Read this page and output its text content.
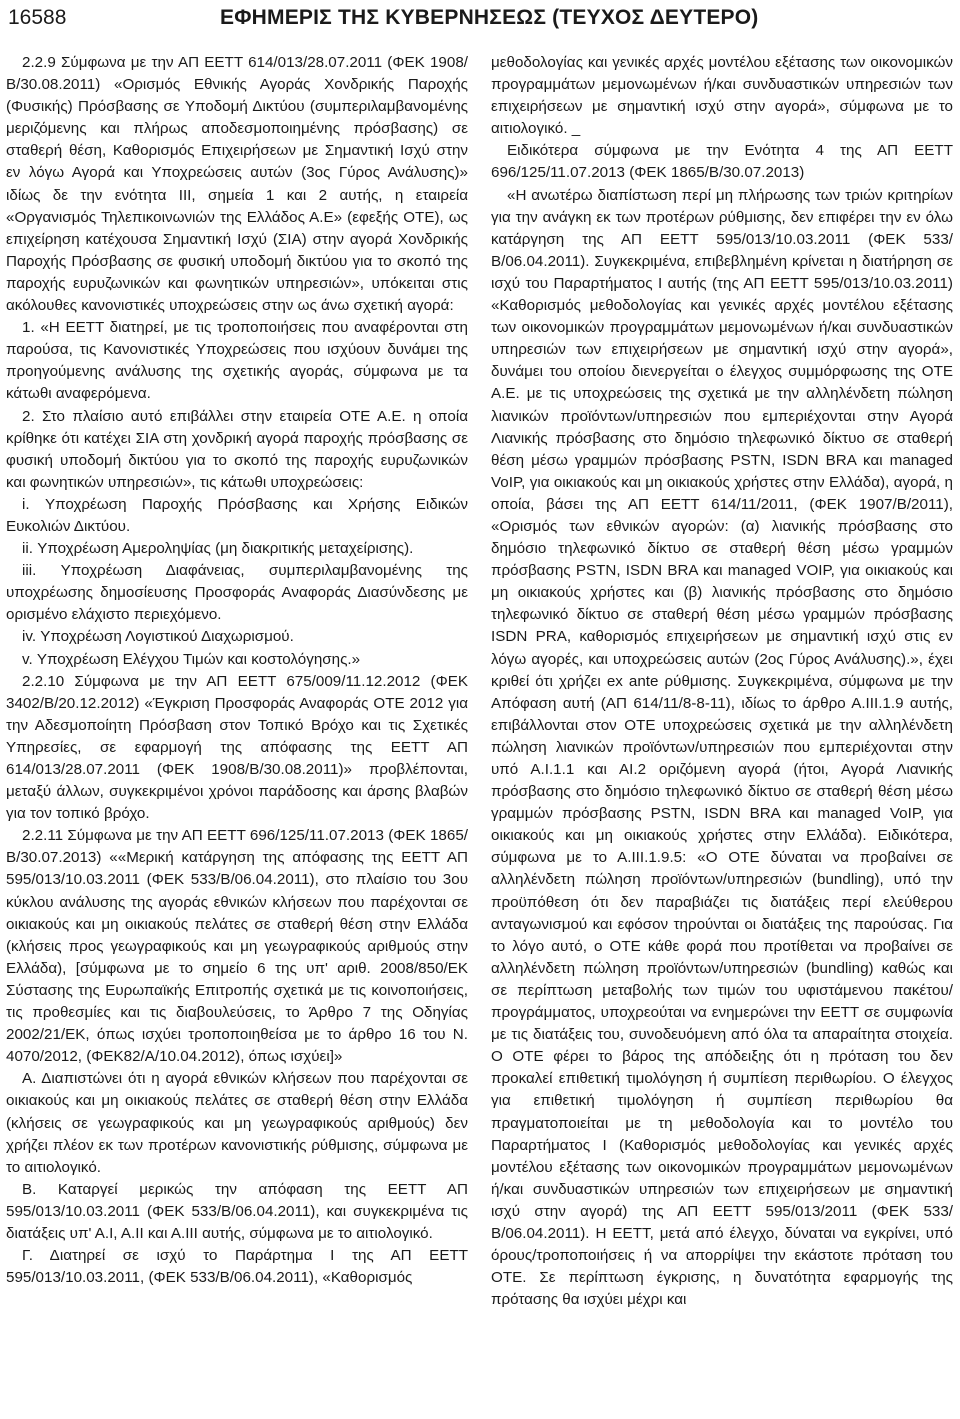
16588	ΕΦΗΜΕΡΙΣ ΤΗΣ ΚΥΒΕΡΝΗΣΕΩΣ (ΤΕΥΧΟΣ ΔΕΥΤΕΡΟ)

2.2.9 Σύμφωνα με την ΑΠ ΕΕΤΤ 614/013/28.07.2011 (ΦΕΚ 1908/Β/30.08.2011) «Ορισμός Εθνικής Αγοράς Χονδρικής Παροχής (Φυσικής) Πρόσβασης σε Υποδομή Δικτύου (συμπεριλαμβανομένης μεριζόμενης και πλήρως αποδεσμοποιημένης πρόσβασης) σε σταθερή θέση, Καθορισμός Επιχειρήσεων με Σημαντική Ισχύ στην εν λόγω Αγορά και Υποχρεώσεις αυτών (3ος Γύρος Ανάλυσης)» ιδίως δε την ενότητα ΙΙΙ, σημεία 1 και 2 αυτής, η εταιρεία «Οργανισμός Τηλεπικοινωνιών της Ελλάδος Α.Ε» (εφεξής ΟΤΕ), ως επιχείρηση κατέχουσα Σημαντική Ισχύ (ΣΙΑ) στην αγορά Χονδρικής Παροχής Πρόσβασης σε φυσική υποδομή δικτύου για το σκοπό της παροχής ευρυζωνικών και φωνητικών υπηρεσιών», υπόκειται στις ακόλουθες κανονιστικές υποχρεώσεις στην ως άνω σχετική αγορά:

1. «Η ΕΕΤΤ διατηρεί, με τις τροποποιήσεις που αναφέρονται στη παρούσα, τις Κανονιστικές Υποχρεώσεις που ισχύουν δυνάμει της προηγούμενης ανάλυσης της σχετικής αγοράς, σύμφωνα με τα κάτωθι αναφερόμενα.

2. Στο πλαίσιο αυτό επιβάλλει στην εταιρεία ΟΤΕ Α.Ε. η οποία κρίθηκε ότι κατέχει ΣΙΑ στη χονδρική αγορά παροχής πρόσβασης σε φυσική υποδομή δικτύου για το σκοπό της παροχής ευρυζωνικών και φωνητικών υπηρεσιών», τις κάτωθι υποχρεώσεις:

i. Υποχρέωση Παροχής Πρόσβασης και Χρήσης Ειδικών Ευκολιών Δικτύου.

ii. Υποχρέωση Αμεροληψίας (μη διακριτικής μεταχείρισης).

iii. Υποχρέωση Διαφάνειας, συμπεριλαμβανομένης της υποχρέωσης δημοσίευσης Προσφοράς Αναφοράς Διασύνδεσης με ορισμένο ελάχιστο περιεχόμενο.

iv. Υποχρέωση Λογιστικού Διαχωρισμού.

v. Υποχρέωση Ελέγχου Τιμών και κοστολόγησης.»

2.2.10 Σύμφωνα με την ΑΠ ΕΕΤΤ 675/009/11.12.2012 (ΦΕΚ 3402/Β/20.12.2012) «Έγκριση Προσφοράς Αναφοράς ΟΤΕ 2012 για την Αδεσμοποίητη Πρόσβαση στον Τοπικό Βρόχο και τις Σχετικές Υπηρεσίες, σε εφαρμογή της απόφασης της ΕΕΤΤ ΑΠ 614/013/28.07.2011 (ΦΕΚ 1908/Β/30.08.2011)» προβλέπονται, μεταξύ άλλων, συγκεκριμένοι χρόνοι παράδοσης και άρσης βλαβών για τον τοπικό βρόχο.

2.2.11 Σύμφωνα με την ΑΠ ΕΕΤΤ 696/125/11.07.2013 (ΦΕΚ 1865/Β/30.07.2013) ««Μερική κατάργηση της απόφασης της ΕΕΤΤ ΑΠ 595/013/10.03.2011 (ΦΕΚ 533/Β/06.04.2011), στο πλαίσιο του 3ου κύκλου ανάλυσης της αγοράς εθνικών κλήσεων που παρέχονται σε οικιακούς και μη οικιακούς πελάτες σε σταθερή θέση στην Ελλάδα (κλήσεις προς γεωγραφικούς και μη γεωγραφικούς αριθμούς στην Ελλάδα), [σύμφωνα με το σημείο 6 της υπ' αριθ. 2008/850/ΕΚ Σύστασης της Ευρωπαϊκής Επιτροπής σχετικά με τις κοινοποιήσεις, τις προθεσμίες και τις διαβουλεύσεις, το Άρθρο 7 της Οδηγίας 2002/21/ΕΚ, όπως ισχύει τροποποιηθείσα με το άρθρο 16 του Ν. 4070/2012, (ΦΕΚ82/Α/10.04.2012), όπως ισχύει]»

Α. Διαπιστώνει ότι η αγορά εθνικών κλήσεων που παρέχονται σε οικιακούς και μη οικιακούς πελάτες σε σταθερή θέση στην Ελλάδα (κλήσεις σε γεωγραφικούς και μη γεωγραφικούς αριθμούς) δεν χρήζει πλέον εκ των προτέρων κανονιστικής ρύθμισης, σύμφωνα με το αιτιολογικό.

Β. Καταργεί μερικώς την απόφαση της ΕΕΤΤ ΑΠ 595/013/10.03.2011 (ΦΕΚ 533/Β/06.04.2011), και συγκεκριμένα τις διατάξεις υπ' Α.Ι, Α.ΙΙ και Α.ΙΙΙ αυτής, σύμφωνα με το αιτιολογικό.

Γ. Διατηρεί σε ισχύ το Παράρτημα Ι της ΑΠ ΕΕΤΤ 595/013/10.03.2011, (ΦΕΚ 533/Β/06.04.2011), «Καθορισμός

μεθοδολογίας και γενικές αρχές μοντέλου εξέτασης των οικονομικών προγραμμάτων μεμονωμένων ή/και συνδυαστικών υπηρεσιών των επιχειρήσεων με σημαντική ισχύ στην αγορά», σύμφωνα με το αιτιολογικό. _

Ειδικότερα σύμφωνα με την Ενότητα 4 της ΑΠ ΕΕΤΤ 696/125/11.07.2013 (ΦΕΚ 1865/Β/30.07.2013)

«Η ανωτέρω διαπίστωση περί μη πλήρωσης των τριών κριτηρίων για την ανάγκη εκ των προτέρων ρύθμισης, δεν επιφέρει την εν όλω κατάργηση της ΑΠ ΕΕΤΤ 595/013/10.03.2011 (ΦΕΚ 533/Β/06.04.2011). Συγκεκριμένα, επιβεβλημένη κρίνεται η διατήρηση σε ισχύ του Παραρτήματος Ι αυτής (της ΑΠ ΕΕΤΤ 595/013/10.03.2011) «Καθορισμός μεθοδολογίας και γενικές αρχές μοντέλου εξέτασης των οικονομικών προγραμμάτων μεμονωμένων ή/και συνδυαστικών υπηρεσιών των επιχειρήσεων με σημαντική ισχύ στην αγορά», δυνάμει του οποίου διενεργείται ο έλεγχος συμμόρφωσης της ΟΤΕ Α.Ε. με τις υποχρεώσεις της σχετικά με την αλληλένδετη πώληση λιανικών προϊόντων/υπηρεσιών που εμπεριέχονται στην Αγορά Λιανικής πρόσβασης στο δημόσιο τηλεφωνικό δίκτυο σε σταθερή θέση μέσω γραμμών πρόσβασης PSTN, ISDN BRA και managed VoIP, για οικιακούς και μη οικιακούς χρήστες στην Ελλάδα), αγορά, η οποία, βάσει της ΑΠ ΕΕΤΤ 614/11/2011, (ΦΕΚ 1907/Β/2011), «Ορισμός των εθνικών αγορών: (α) λιανικής πρόσβασης στο δημόσιο τηλεφωνικό δίκτυο σε σταθερή θέση μέσω γραμμών πρόσβασης PSTN, ISDN BRA και managed VOIP, για οικιακούς και μη οικιακούς χρήστες και (β) λιανικής πρόσβασης στο δημόσιο τηλεφωνικό δίκτυο σε σταθερή θέση μέσω γραμμών πρόσβασης ISDN PRA, καθορισμός επιχειρήσεων με σημαντική ισχύ στις εν λόγω αγορές, και υποχρεώσεις αυτών (2ος Γύρος Ανάλυσης).», έχει κριθεί ότι χρήζει ex ante ρύθμισης. Συγκεκριμένα, σύμφωνα με την Απόφαση αυτή (ΑΠ 614/11/8-8-11), ιδίως το άρθρο Α.ΙΙΙ.1.9 αυτής, επιβάλλονται στον ΟΤΕ υποχρεώσεις σχετικά με την αλληλένδετη πώληση λιανικών προϊόντων/υπηρεσιών που εμπεριέχονται στην υπό Α.Ι.1.1 και ΑΙ.2 οριζόμενη αγορά (ήτοι, Αγορά Λιανικής πρόσβασης στο δημόσιο τηλεφωνικό δίκτυο σε σταθερή θέση μέσω γραμμών πρόσβασης PSTN, ISDN BRA και managed VoIP, για οικιακούς και μη οικιακούς χρήστες στην Ελλάδα). Ειδικότερα, σύμφωνα με το Α.ΙΙΙ.1.9.5: «Ο ΟΤΕ δύναται να προβαίνει σε αλληλένδετη πώληση προϊόντων/υπηρεσιών (bundling), υπό την προϋπόθεση ότι δεν παραβιάζει τις διατάξεις περί ελεύθερου ανταγωνισμού και εφόσον τηρούνται οι διατάξεις της παρούσας. Για το λόγο αυτό, ο ΟΤΕ κάθε φορά που προτίθεται να προβαίνει σε αλληλένδετη πώληση προϊόντων/υπηρεσιών (bundling) καθώς και σε περίπτωση μεταβολής των τιμών του υφιστάμενου πακέτου/προγράμματος, υποχρεούται να ενημερώνει την ΕΕΤΤ σε συμφωνία με τις διατάξεις του, συνοδευόμενη από όλα τα απαραίτητα στοιχεία. Ο ΟΤΕ φέρει το βάρος της απόδειξης ότι η πρόταση του δεν προκαλεί επιθετική τιμολόγηση ή συμπίεση περιθωρίου. Ο έλεγχος για επιθετική τιμολόγηση ή συμπίεση περιθωρίου θα πραγματοποιείται με τη μεθοδολογία και το μοντέλο του Παραρτήματος Ι (Καθορισμός μεθοδολογίας και γενικές αρχές μοντέλου εξέτασης των οικονομικών προγραμμάτων μεμονωμένων ή/και συνδυαστικών υπηρεσιών των επιχειρήσεων με σημαντική ισχύ στην αγορά) της ΑΠ ΕΕΤΤ 595/013/2011 (ΦΕΚ 533/Β/06.04.2011). Η ΕΕΤΤ, μετά από έλεγχο, δύναται να εγκρίνει, υπό όρους/τροποποιήσεις ή να απορρίψει την εκάστοτε πρόταση του ΟΤΕ. Σε περίπτωση έγκρισης, η δυνατότητα εφαρμογής της πρότασης θα ισχύει μέχρι και
